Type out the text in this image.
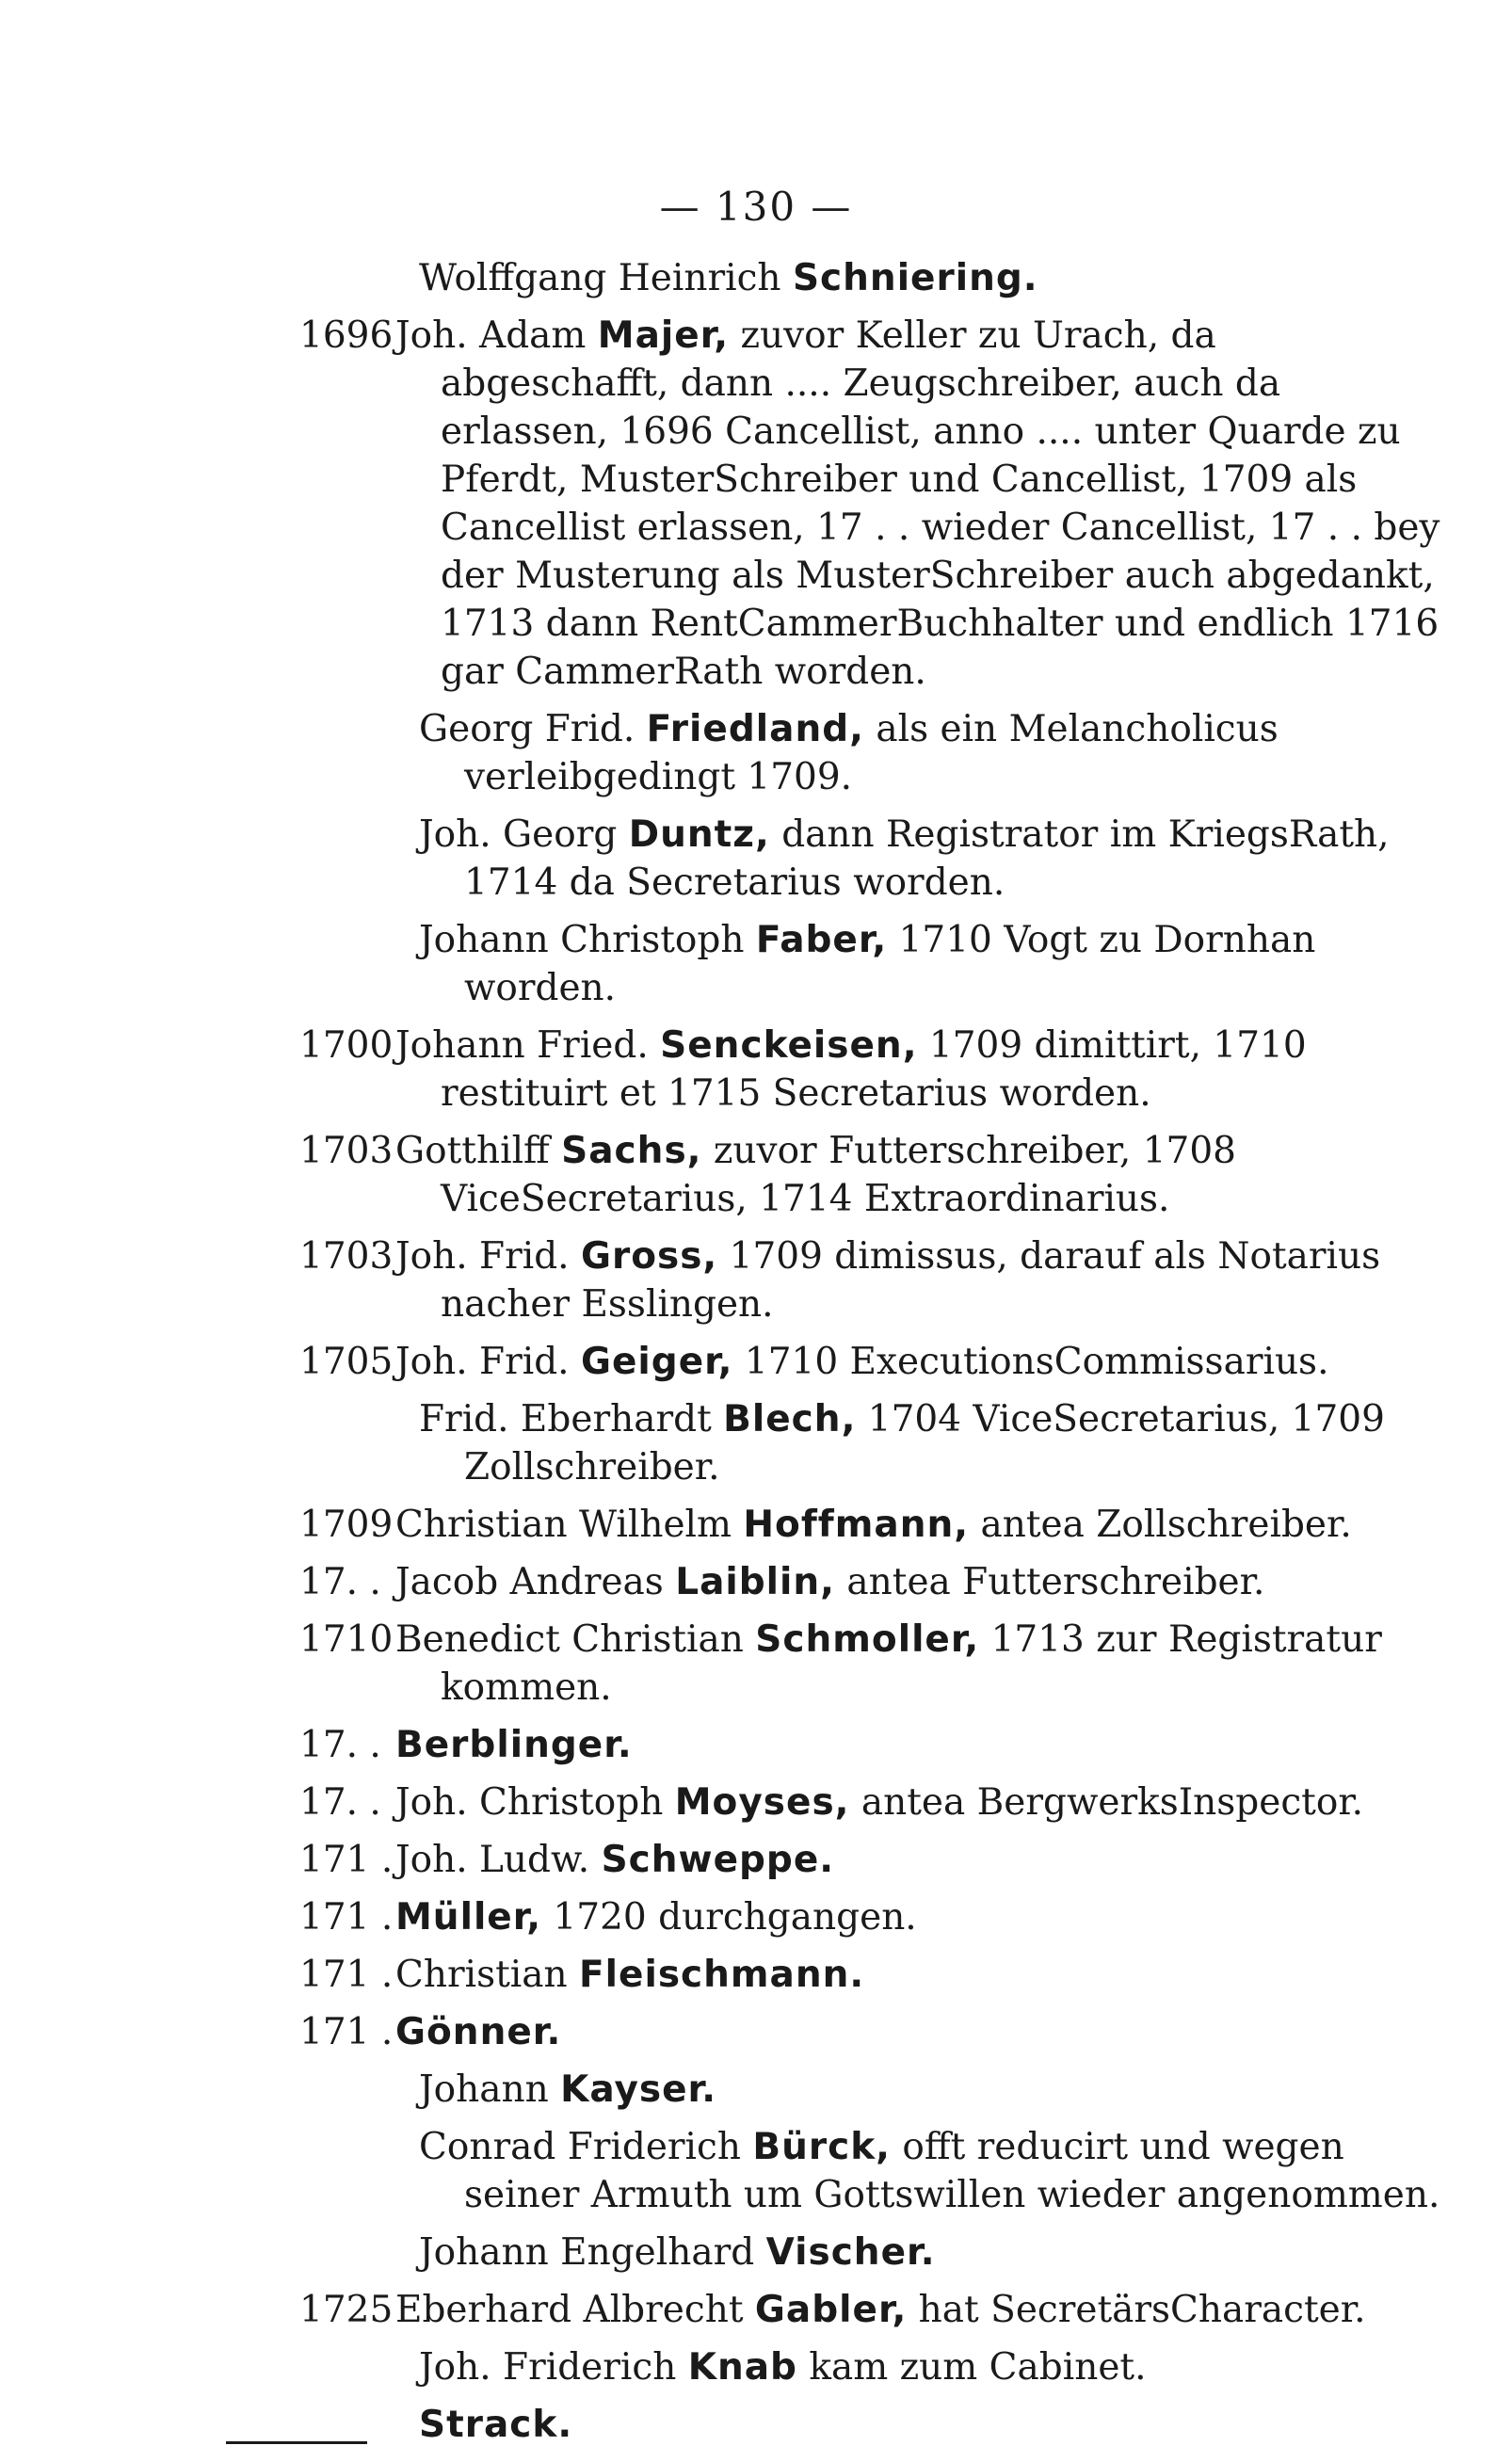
— 130 —
Wolffgang Heinrich Schniering.
1696 Joh. Adam Majer, zuvor Keller zu Urach, da abgeschafft, dann .... Zeugschreiber, auch da erlassen, 1696 Cancellist, anno .... unter Quarde zu Pferdt, MusterSchreiber und Cancellist, 1709 als Cancellist erlassen, 17 . . wieder Cancellist, 17 . . bey der Musterung als MusterSchreiber auch abgedankt, 1713 dann RentCammerBuchhalter und endlich 1716 gar CammerRath worden.
Georg Frid. Friedland, als ein Melancholicus verleibgedingt 1709.
Joh. Georg Duntz, dann Registrator im KriegsRath, 1714 da Secretarius worden.
Johann Christoph Faber, 1710 Vogt zu Dornhan worden.
1700 Johann Fried. Senckeisen, 1709 dimittirt, 1710 restituirt et 1715 Secretarius worden.
1703 Gotthilff Sachs, zuvor Futterschreiber, 1708 ViceSecretarius, 1714 Extraordinarius.
1703 Joh. Frid. Gross, 1709 dimissus, darauf als Notarius nacher Esslingen.
1705 Joh. Frid. Geiger, 1710 ExecutionsCommissarius.
Frid. Eberhardt Blech, 1704 ViceSecretarius, 1709 Zollschreiber.
1709 Christian Wilhelm Hoffmann, antea Zollschreiber.
17. . Jacob Andreas Laiblin, antea Futterschreiber.
1710 Benedict Christian Schmoller, 1713 zur Registratur kommen.
17. . Berblinger.
17. . Joh. Christoph Moyses, antea BergwerksInspector.
171 . Joh. Ludw. Schweppe.
171 . Müller, 1720 durchgangen.
171 . Christian Fleischmann.
171 . Gönner.
Johann Kayser.
Conrad Friderich Bürck, offt reducirt und wegen seiner Armuth um Gottswillen wieder angenommen.
Johann Engelhard Vischer.
1725 Eberhard Albrecht Gabler, hat SecretärsCharacter.
Joh. Friderich Knab kam zum Cabinet.
Strack.
